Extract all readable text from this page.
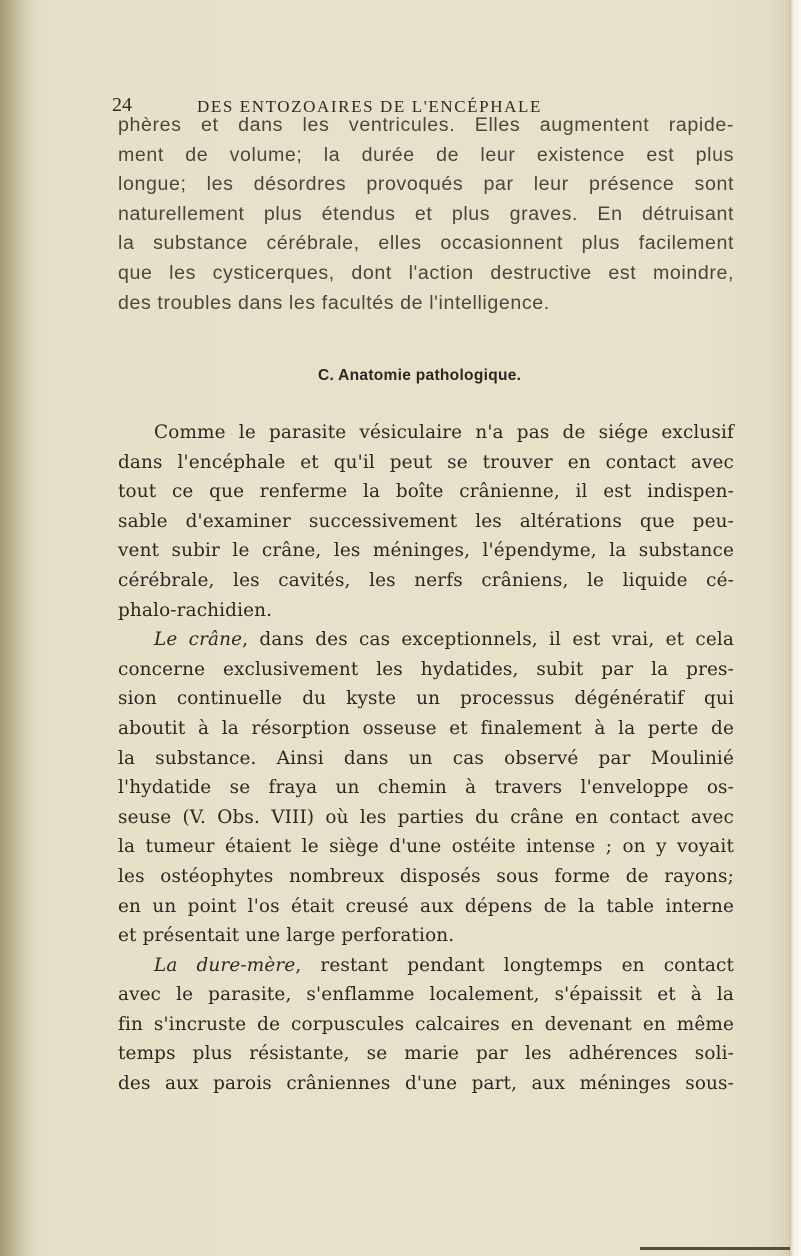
24	DES ENTOZOAIRES DE L'ENCÉPHALE
phères et dans les ventricules. Elles augmentent rapide-
ment de volume; la durée de leur existence est plus
longue; les désordres provoqués par leur présence sont
naturellement plus étendus et plus graves. En détruisant
la substance cérébrale, elles occasionnent plus facilement
que les cysticerques, dont l'action destructive est moindre,
des troubles dans les facultés de l'intelligence.
C. Anatomie pathologique.
Comme le parasite vésiculaire n'a pas de siége exclusif
dans l'encéphale et qu'il peut se trouver en contact avec
tout ce que renferme la boîte crânienne, il est indispen-
sable d'examiner successivement les altérations que peu-
vent subir le crâne, les méninges, l'épendyme, la substance
cérébrale, les cavités, les nerfs crâniens, le liquide cé-
phalo-rachidien.
Le crâne, dans des cas exceptionnels, il est vrai, et cela
concerne exclusivement les hydatides, subit par la pres-
sion continuelle du kyste un processus dégénératif qui
aboutit à la résorption osseuse et finalement à la perte de
la substance. Ainsi dans un cas observé par Moulinié
l'hydatide se fraya un chemin à travers l'enveloppe os-
seuse (V. Obs. VIII) où les parties du crâne en contact avec
la tumeur étaient le siège d'une ostéite intense ; on y voyait
les ostéophytes nombreux disposés sous forme de rayons;
en un point l'os était creusé aux dépens de la table interne
et présentait une large perforation.
La dure-mère, restant pendant longtemps en contact
avec le parasite, s'enflamme localement, s'épaissit et à la
fin s'incruste de corpuscules calcaires en devenant en même
temps plus résistante, se marie par les adhérences soli-
des aux parois crâniennes d'une part, aux méninges sous-
